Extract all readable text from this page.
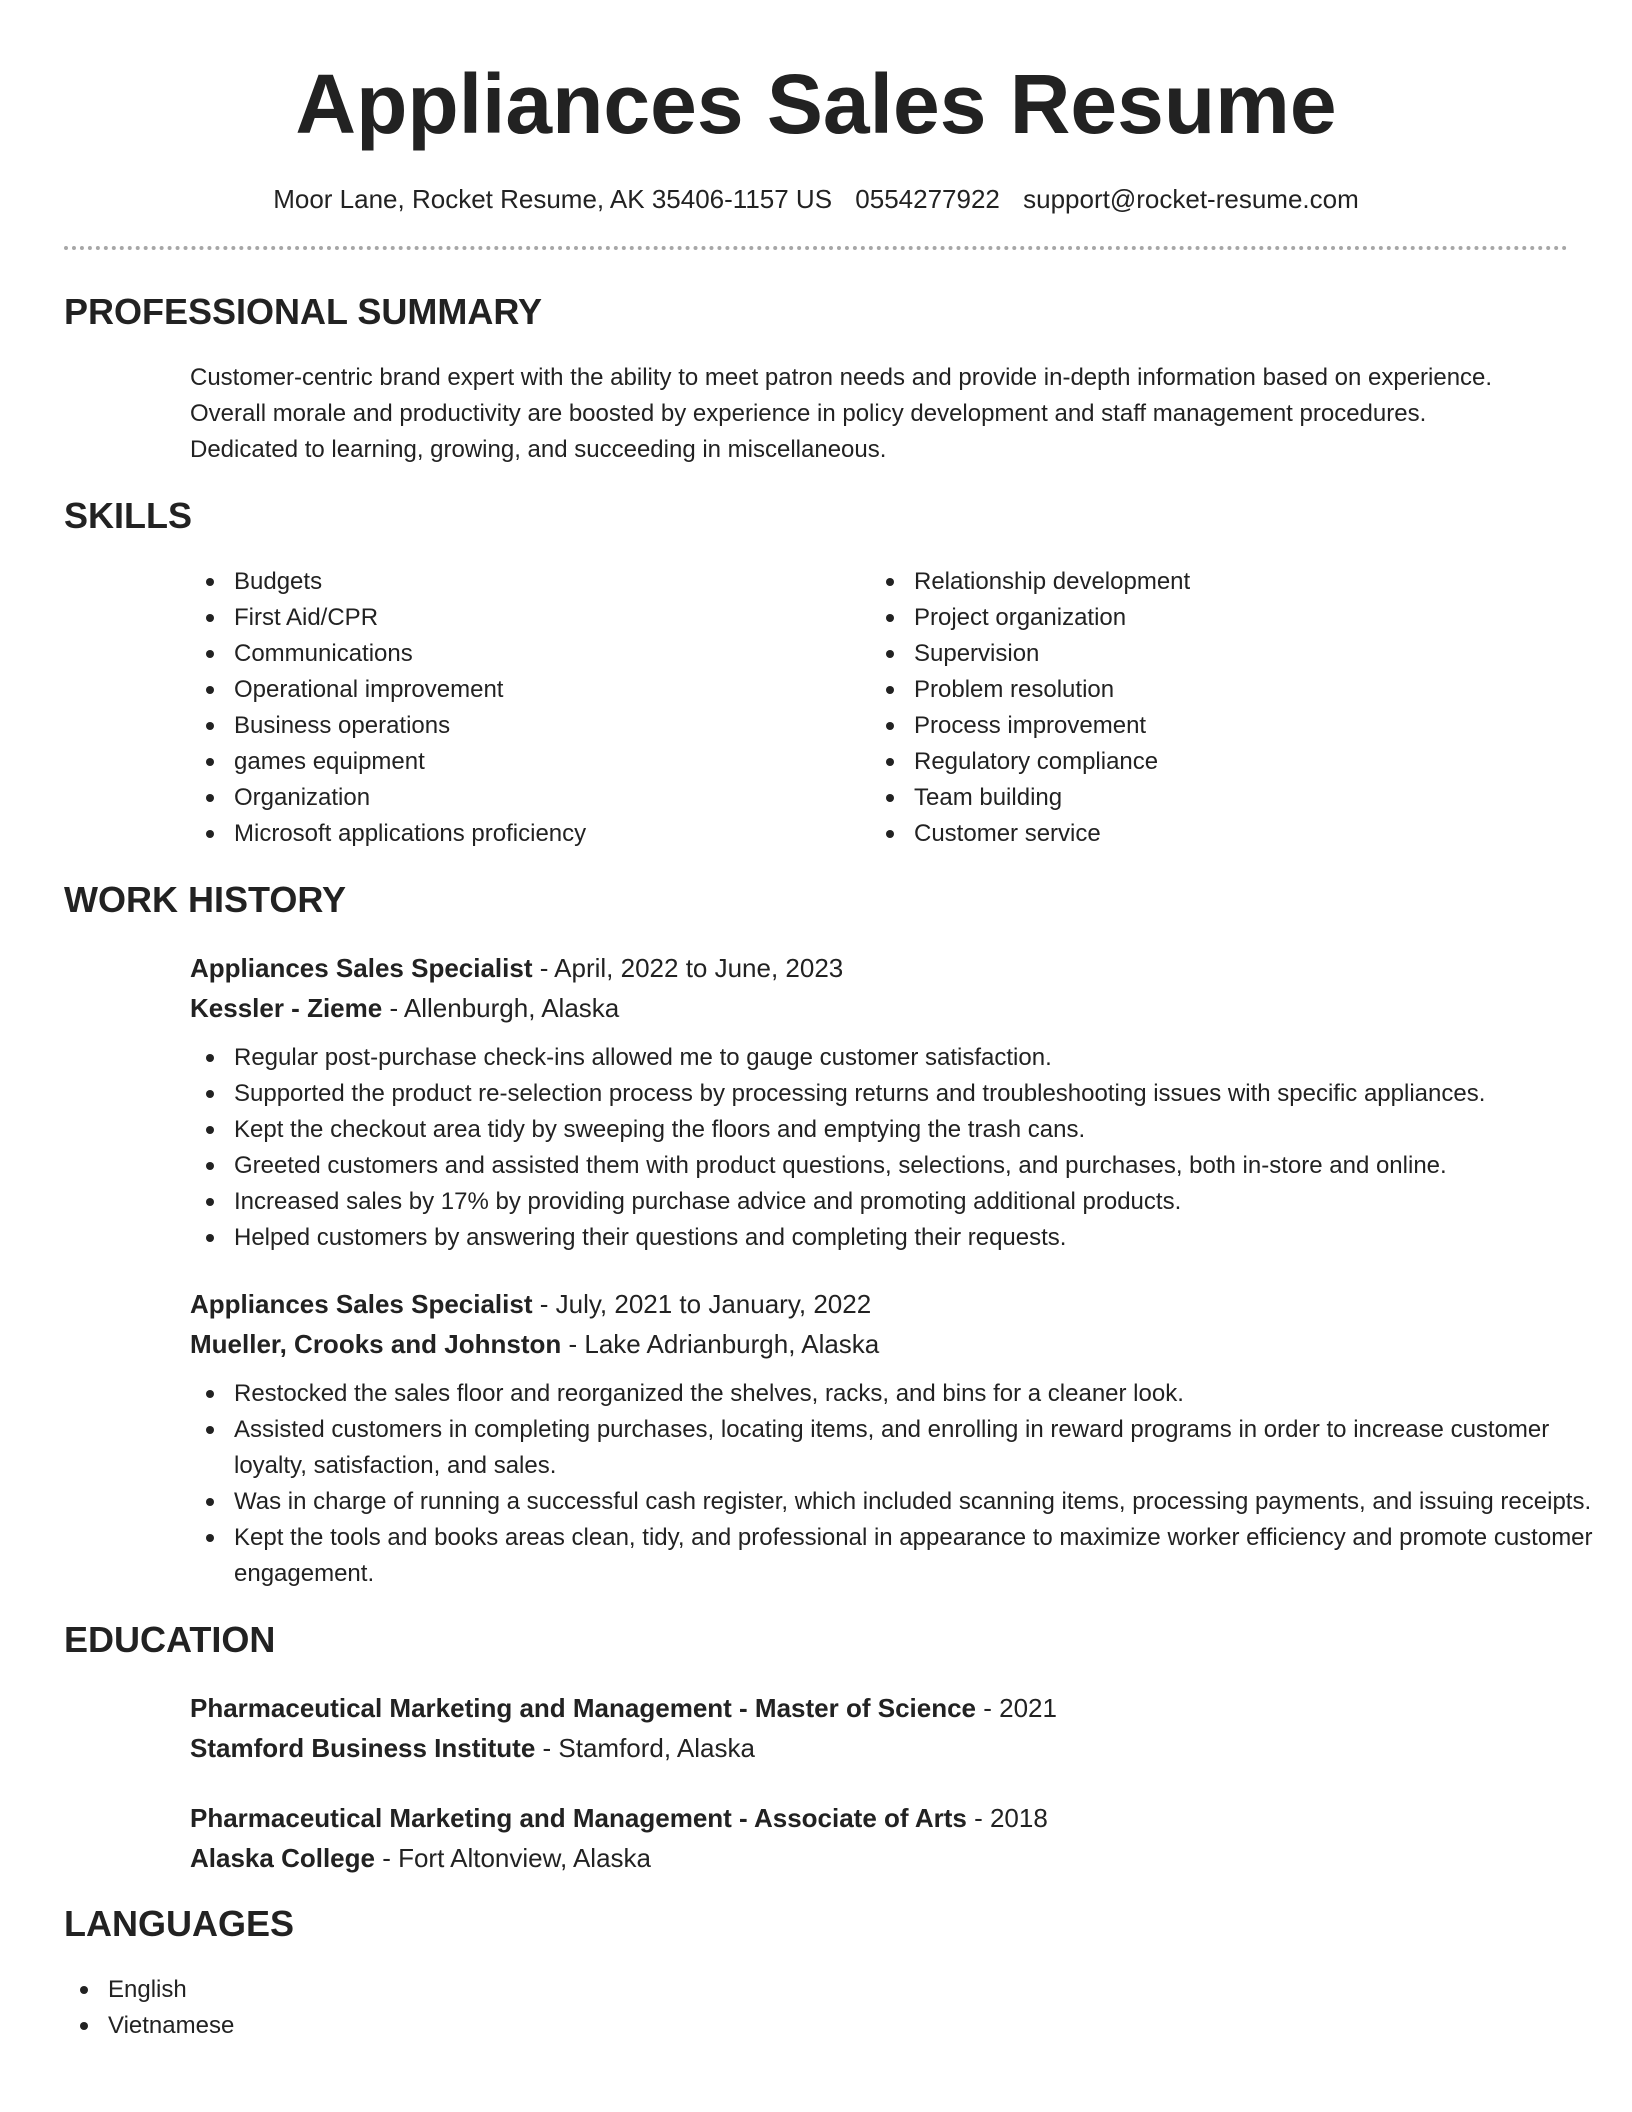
Appliances Sales Resume
Moor Lane, Rocket Resume, AK 35406-1157 US 0554277922 support@rocket-resume.com
PROFESSIONAL SUMMARY
Customer-centric brand expert with the ability to meet patron needs and provide in-depth information based on experience.
Overall morale and productivity are boosted by experience in policy development and staff management procedures.
Dedicated to learning, growing, and succeeding in miscellaneous.
SKILLS
Budgets
First Aid/CPR
Communications
Operational improvement
Business operations
games equipment
Organization
Microsoft applications proficiency
Relationship development
Project organization
Supervision
Problem resolution
Process improvement
Regulatory compliance
Team building
Customer service
WORK HISTORY
Appliances Sales Specialist - April, 2022 to June, 2023
Kessler - Zieme - Allenburgh, Alaska
Regular post-purchase check-ins allowed me to gauge customer satisfaction.
Supported the product re-selection process by processing returns and troubleshooting issues with specific appliances.
Kept the checkout area tidy by sweeping the floors and emptying the trash cans.
Greeted customers and assisted them with product questions, selections, and purchases, both in-store and online.
Increased sales by 17% by providing purchase advice and promoting additional products.
Helped customers by answering their questions and completing their requests.
Appliances Sales Specialist - July, 2021 to January, 2022
Mueller, Crooks and Johnston - Lake Adrianburgh, Alaska
Restocked the sales floor and reorganized the shelves, racks, and bins for a cleaner look.
Assisted customers in completing purchases, locating items, and enrolling in reward programs in order to increase customer loyalty, satisfaction, and sales.
Was in charge of running a successful cash register, which included scanning items, processing payments, and issuing receipts.
Kept the tools and books areas clean, tidy, and professional in appearance to maximize worker efficiency and promote customer engagement.
EDUCATION
Pharmaceutical Marketing and Management - Master of Science - 2021
Stamford Business Institute - Stamford, Alaska
Pharmaceutical Marketing and Management - Associate of Arts - 2018
Alaska College - Fort Altonview, Alaska
LANGUAGES
English
Vietnamese
